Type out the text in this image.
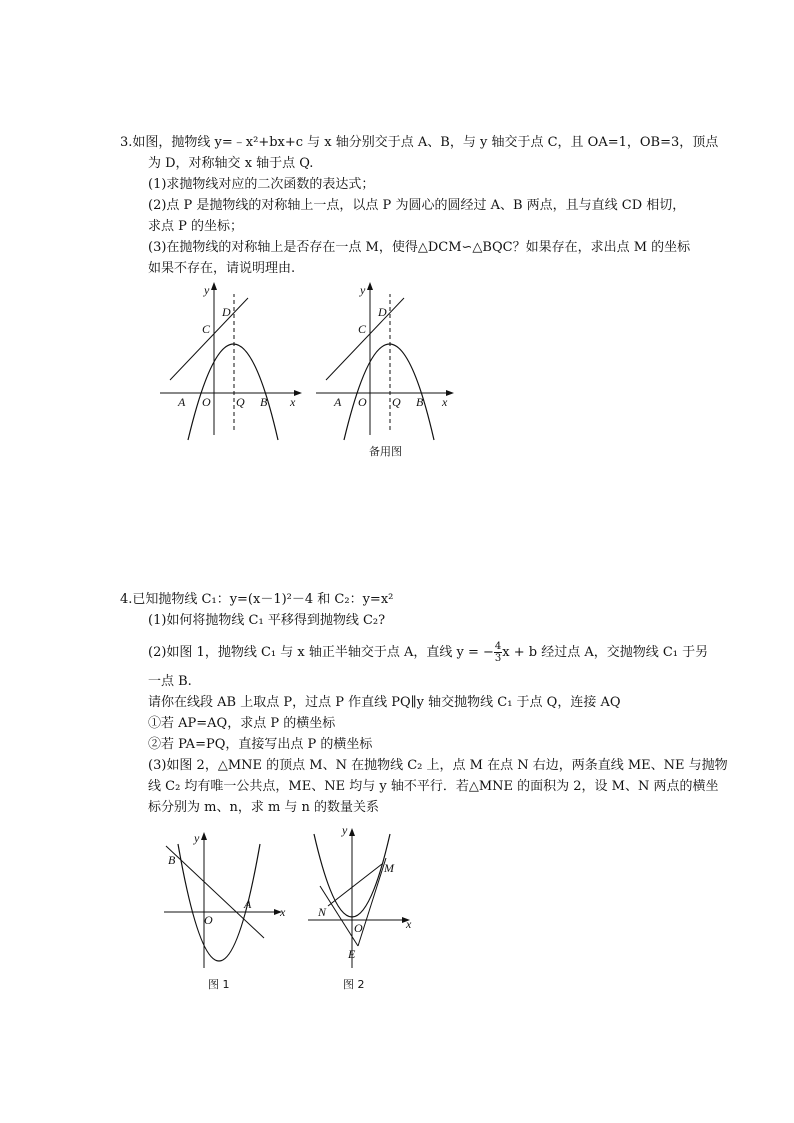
3.如图，抛物线 y=﹣x²+bx+c 与 x 轴分别交于点 A、B，与 y 轴交于点 C，且 OA=1，OB=3，顶点
为 D，对称轴交 x 轴于点 Q.
(1)求抛物线对应的二次函数的表达式；
(2)点 P 是抛物线的对称轴上一点，以点 P 为圆心的圆经过 A、B 两点，且与直线 CD 相切，
求点 P 的坐标；
(3)在抛物线的对称轴上是否存在一点 M，使得△DCM∽△BQC？如果存在，求出点 M 的坐标
如果不存在，请说明理由.
y
D
C
A O Q B x
y
D
C
A O Q B x
备用图
4.已知抛物线 C₁：y=(x－1)²－4 和 C₂：y=x²
(1)如何将抛物线 C₁ 平移得到抛物线 C₂?
(2)如图 1，抛物线 C₁ 与 x 轴正半轴交于点 A，直线 y = − $\frac{4}{3}$ x + b 经过点 A，交抛物线 C₁ 于另
一点 B.
请你在线段 AB 上取点 P，过点 P 作直线 PQ∥y 轴交抛物线 C₁ 于点 Q，连接 AQ
①若 AP=AQ，求点 P 的横坐标
②若 PA=PQ，直接写出点 P 的横坐标
(3)如图 2，△MNE 的顶点 M、N 在抛物线 C₂ 上，点 M 在点 N 右边，两条直线 ME、NE 与抛物
线 C₂ 均有唯一公共点，ME、NE 均与 y 轴不平行．若△MNE 的面积为 2，设 M、N 两点的横坐
标分别为 m、n，求 m 与 n 的数量关系
y
B
O
A
x
图 1
y
M
N
O
E
x
图 2
